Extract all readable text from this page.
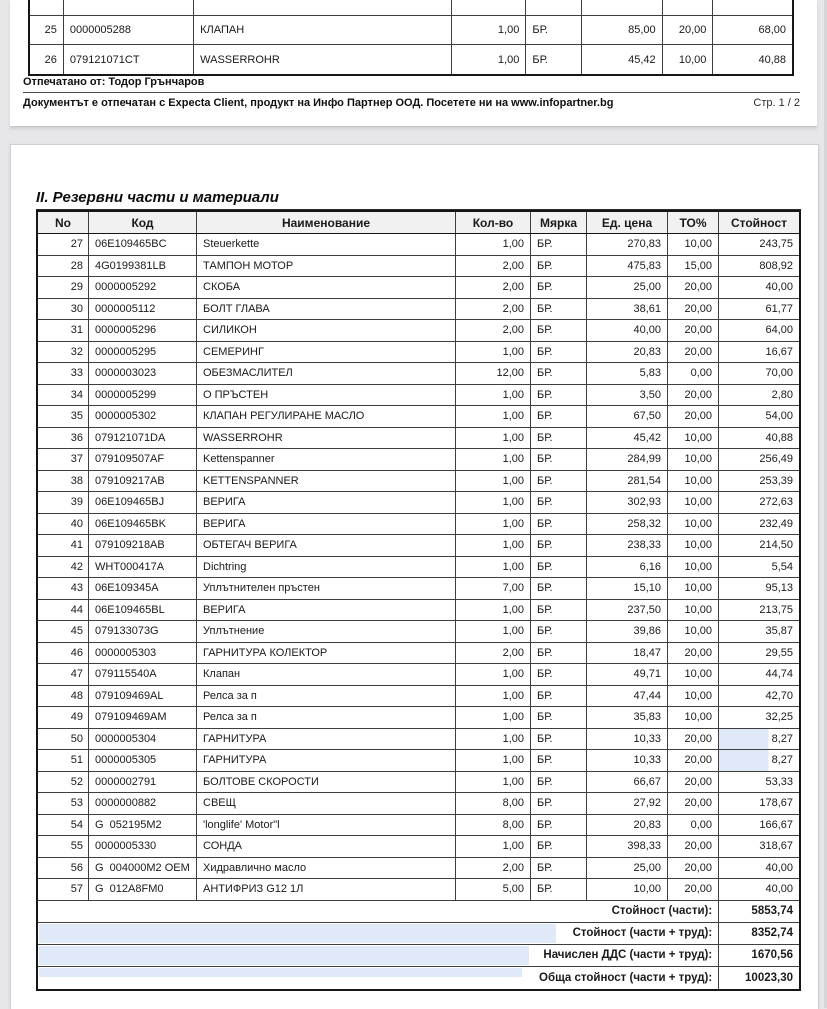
25	0000005288	КЛАПАН	1,00	БР.	85,00	20,00	68,00
26	079121071CT	WASSERROHR	1,00	БР.	45,42	10,00	40,88
Отпечатано от: Тодор Грънчаров
Документът е отпечатан с Expecta Client, продукт на Инфо Партнер ООД. Посетете ни на www.infopartner.bg	Стр. 1 / 2
II. Резервни части и материали
No	Код	Наименование	Кол-во	Мярка	Ед. цена	ТО%	Стойност
27	06E109465BC	Steuerkette	1,00	БР.	270,83	10,00	243,75
28	4G0199381LB	ТАМПОН МОТОР	2,00	БР.	475,83	15,00	808,92
29	0000005292	СКОБА	2,00	БР.	25,00	20,00	40,00
30	0000005112	БОЛТ ГЛАВА	2,00	БР.	38,61	20,00	61,77
31	0000005296	СИЛИКОН	2,00	БР.	40,00	20,00	64,00
32	0000005295	СЕМЕРИНГ	1,00	БР.	20,83	20,00	16,67
33	0000003023	ОБЕЗМАСЛИТЕЛ	12,00	БР.	5,83	0,00	70,00
34	0000005299	О ПРЪСТЕН	1,00	БР.	3,50	20,00	2,80
35	0000005302	КЛАПАН РЕГУЛИРАНЕ МАСЛО	1,00	БР.	67,50	20,00	54,00
36	079121071DA	WASSERROHR	1,00	БР.	45,42	10,00	40,88
37	079109507AF	Kettenspanner	1,00	БР.	284,99	10,00	256,49
38	079109217AB	KETTENSPANNER	1,00	БР.	281,54	10,00	253,39
39	06E109465BJ	ВЕРИГА	1,00	БР.	302,93	10,00	272,63
40	06E109465BK	ВЕРИГА	1,00	БР.	258,32	10,00	232,49
41	079109218AB	ОБТЕГАЧ ВЕРИГА	1,00	БР.	238,33	10,00	214,50
42	WHT000417A	Dichtring	1,00	БР.	6,16	10,00	5,54
43	06E109345A	Уплътнителен пръстен	7,00	БР.	15,10	10,00	95,13
44	06E109465BL	ВЕРИГА	1,00	БР.	237,50	10,00	213,75
45	079133073G	Уплътнение	1,00	БР.	39,86	10,00	35,87
46	0000005303	ГАРНИТУРА КОЛЕКТОР	2,00	БР.	18,47	20,00	29,55
47	079115540A	Клапан	1,00	БР.	49,71	10,00	44,74
48	079109469AL	Релса за п	1,00	БР.	47,44	10,00	42,70
49	079109469AM	Релса за п	1,00	БР.	35,83	10,00	32,25
50	0000005304	ГАРНИТУРА	1,00	БР.	10,33	20,00	8,27
51	0000005305	ГАРНИТУРА	1,00	БР.	10,33	20,00	8,27
52	0000002791	БОЛТОВЕ СКОРОСТИ	1,00	БР.	66,67	20,00	53,33
53	0000000882	СВЕЩ	8,00	БР.	27,92	20,00	178,67
54	G  052195M2	'longlife' Motor"l	8,00	БР.	20,83	0,00	166,67
55	0000005330	СОНДА	1,00	БР.	398,33	20,00	318,67
56	G  004000M2 OEM	Хидравлично масло	2,00	БР.	25,00	20,00	40,00
57	G  012A8FM0	АНТИФРИЗ G12 1Л	5,00	БР.	10,00	20,00	40,00
Стойност (части):	5853,74
Стойност (части + труд):	8352,74
Начислен ДДС (части + труд):	1670,56
Обща стойност (части + труд):	10023,30
